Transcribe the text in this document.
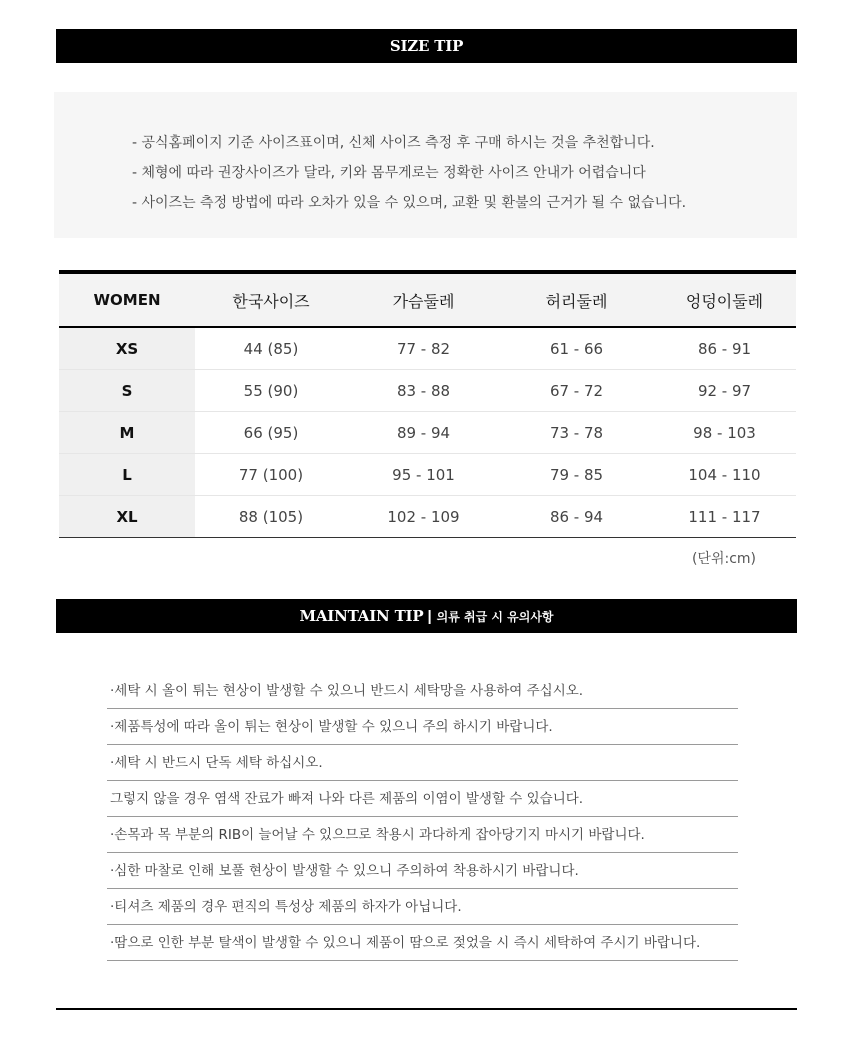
SIZE TIP
- 공식홈페이지 기준 사이즈표이며, 신체 사이즈 측정 후 구매 하시는 것을 추천합니다.
- 체형에 따라 권장사이즈가 달라, 키와 몸무게로는 정확한 사이즈 안내가 어렵습니다
- 사이즈는 측정 방법에 따라 오차가 있을 수 있으며, 교환 및 환불의 근거가 될 수 없습니다.
WOMEN	한국사이즈	가슴둘레	허리둘레	엉덩이둘레
XS	44 (85)	77 - 82	61 - 66	86 - 91
S	55 (90)	83 - 88	67 - 72	92 - 97
M	66 (95)	89 - 94	73 - 78	98 - 103
L	77 (100)	95 - 101	79 - 85	104 - 110
XL	88 (105)	102 - 109	86 - 94	111 - 117
(단위:cm)
MAINTAIN TIP | 의류 취급 시 유의사항
·세탁 시 올이 튀는 현상이 발생할 수 있으니 반드시 세탁망을 사용하여 주십시오.
·제품특성에 따라 올이 튀는 현상이 발생할 수 있으니 주의 하시기 바랍니다.
·세탁 시 반드시 단독 세탁 하십시오.
그렇지 않을 경우 염색 잔료가 빠져 나와 다른 제품의 이염이 발생할 수 있습니다.
·손목과 목 부분의 RIB이 늘어날 수 있으므로 착용시 과다하게 잡아당기지 마시기 바랍니다.
·심한 마찰로 인해 보풀 현상이 발생할 수 있으니 주의하여 착용하시기 바랍니다.
·티셔츠 제품의 경우 편직의 특성상 제품의 하자가 아닙니다.
·땀으로 인한 부분 탈색이 발생할 수 있으니 제품이 땀으로 젖었을 시 즉시 세탁하여 주시기 바랍니다.
